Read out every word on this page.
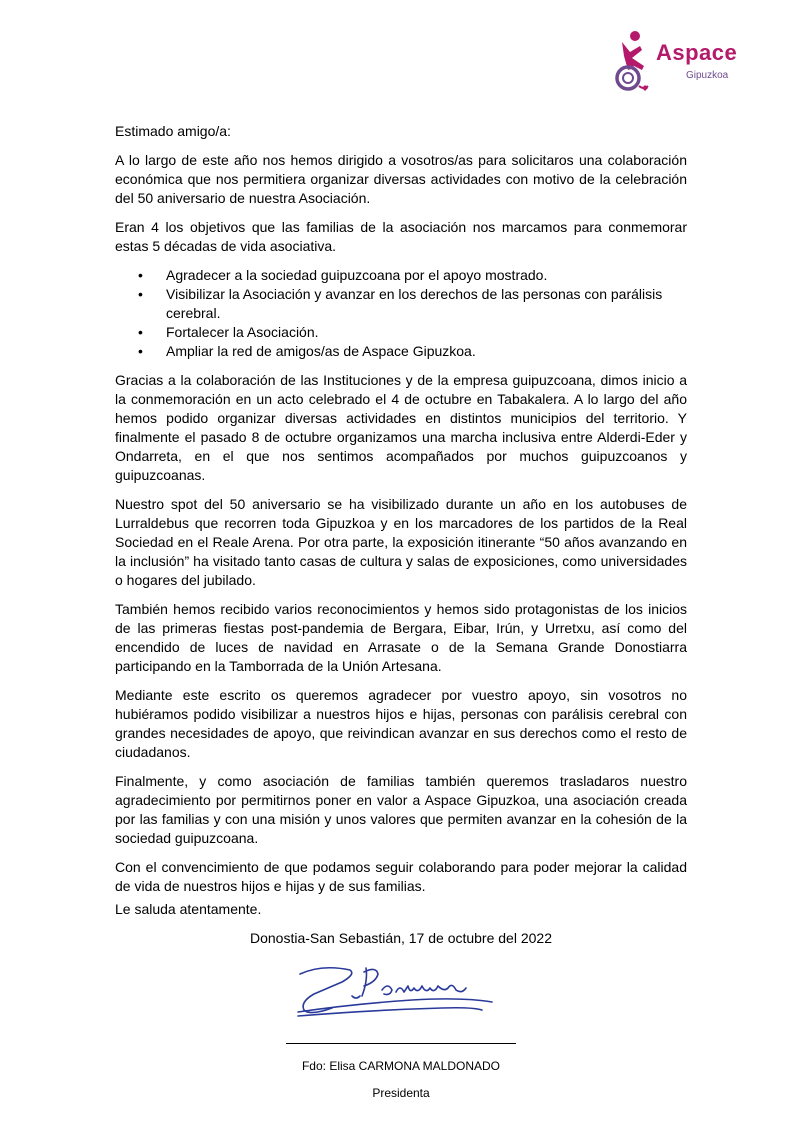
Aspace
Gipuzkoa

Estimado amigo/a:

A lo largo de este año nos hemos dirigido a vosotros/as para solicitaros una colaboración económica que nos permitiera organizar diversas actividades con motivo de la celebración del 50 aniversario de nuestra Asociación.

Eran 4 los objetivos que las familias de la asociación nos marcamos para conmemorar estas 5 décadas de vida asociativa.

• Agradecer a la sociedad guipuzcoana por el apoyo mostrado.
• Visibilizar la Asociación y avanzar en los derechos de las personas con parálisis cerebral.
• Fortalecer la Asociación.
• Ampliar la red de amigos/as de Aspace Gipuzkoa.

Gracias a la colaboración de las Instituciones y de la empresa guipuzcoana, dimos inicio a la conmemoración en un acto celebrado el 4 de octubre en Tabakalera. A lo largo del año hemos podido organizar diversas actividades en distintos municipios del territorio. Y finalmente el pasado 8 de octubre organizamos una marcha inclusiva entre Alderdi-Eder y Ondarreta, en el que nos sentimos acompañados por muchos guipuzcoanos y guipuzcoanas.

Nuestro spot del 50 aniversario se ha visibilizado durante un año en los autobuses de Lurraldebus que recorren toda Gipuzkoa y en los marcadores de los partidos de la Real Sociedad en el Reale Arena. Por otra parte, la exposición itinerante “50 años avanzando en la inclusión” ha visitado tanto casas de cultura y salas de exposiciones, como universidades o hogares del jubilado.

También hemos recibido varios reconocimientos y hemos sido protagonistas de los inicios de las primeras fiestas post-pandemia de Bergara, Eibar, Irún, y Urretxu, así como del encendido de luces de navidad en Arrasate o de la Semana Grande Donostiarra participando en la Tamborrada de la Unión Artesana.

Mediante este escrito os queremos agradecer por vuestro apoyo, sin vosotros no hubiéramos podido visibilizar a nuestros hijos e hijas, personas con parálisis cerebral con grandes necesidades de apoyo, que reivindican avanzar en sus derechos como el resto de ciudadanos.

Finalmente, y como asociación de familias también queremos trasladaros nuestro agradecimiento por permitirnos poner en valor a Aspace Gipuzkoa, una asociación creada por las familias y con una misión y unos valores que permiten avanzar en la cohesión de la sociedad guipuzcoana.

Con el convencimiento de que podamos seguir colaborando para poder mejorar la calidad de vida de nuestros hijos e hijas y de sus familias.

Le saluda atentamente.
Donostia-San Sebastián, 17 de octubre del 2022
Fdo: Elisa CARMONA MALDONADO
Presidenta
